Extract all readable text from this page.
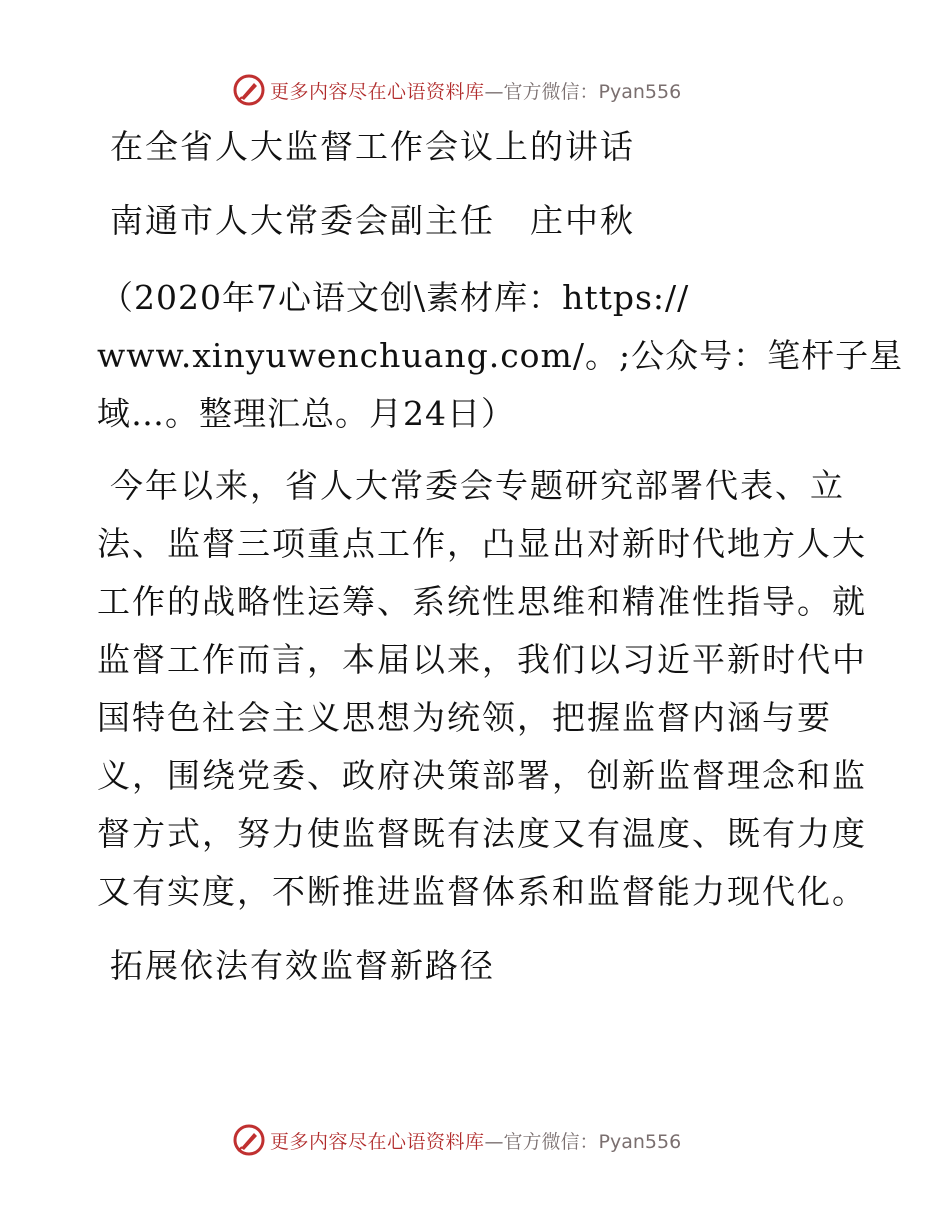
更多内容尽在心语资料库 —官方微信：Pyan556
在全省人大监督工作会议上的讲话
南通市人大常委会副主任　庄中秋
（2020年7心语文创\素材库：https://
www.xinyuwenchuang.com/。;公众号：笔杆子星
域…。整理汇总。月24日）
今年以来，省人大常委会专题研究部署代表、立
法、监督三项重点工作，凸显出对新时代地方人大
工作的战略性运筹、系统性思维和精准性指导。就
监督工作而言，本届以来，我们以习近平新时代中
国特色社会主义思想为统领，把握监督内涵与要
义，围绕党委、政府决策部署，创新监督理念和监
督方式，努力使监督既有法度又有温度、既有力度
又有实度，不断推进监督体系和监督能力现代化。
拓展依法有效监督新路径
更多内容尽在心语资料库 —官方微信：Pyan556
